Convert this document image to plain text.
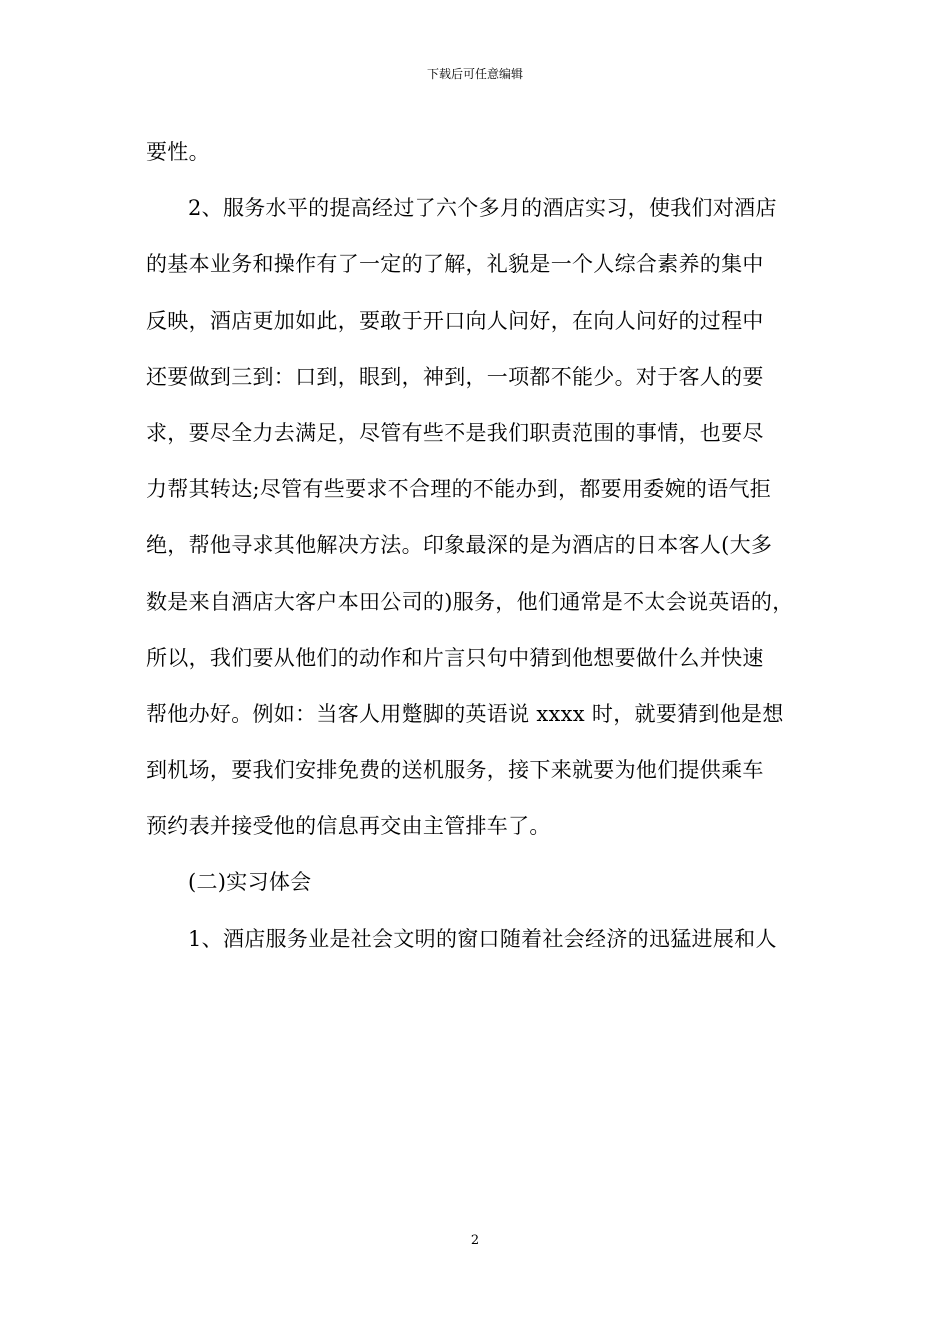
下载后可任意编辑
要性。
2、服务水平的提高经过了六个多月的酒店实习，使我们对酒店
的基本业务和操作有了一定的了解，礼貌是一个人综合素养的集中
反映，酒店更加如此，要敢于开口向人问好，在向人问好的过程中
还要做到三到：口到，眼到，神到，一项都不能少。对于客人的要
求，要尽全力去满足，尽管有些不是我们职责范围的事情，也要尽
力帮其转达;尽管有些要求不合理的不能办到，都要用委婉的语气拒
绝，帮他寻求其他解决方法。印象最深的是为酒店的日本客人(大多
数是来自酒店大客户本田公司的)服务，他们通常是不太会说英语的，
所以，我们要从他们的动作和片言只句中猜到他想要做什么并快速
帮他办好。例如：当客人用蹩脚的英语说 xxxx 时，就要猜到他是想
到机场，要我们安排免费的送机服务，接下来就要为他们提供乘车
预约表并接受他的信息再交由主管排车了。
(二)实习体会
1、酒店服务业是社会文明的窗口随着社会经济的迅猛进展和人
2
